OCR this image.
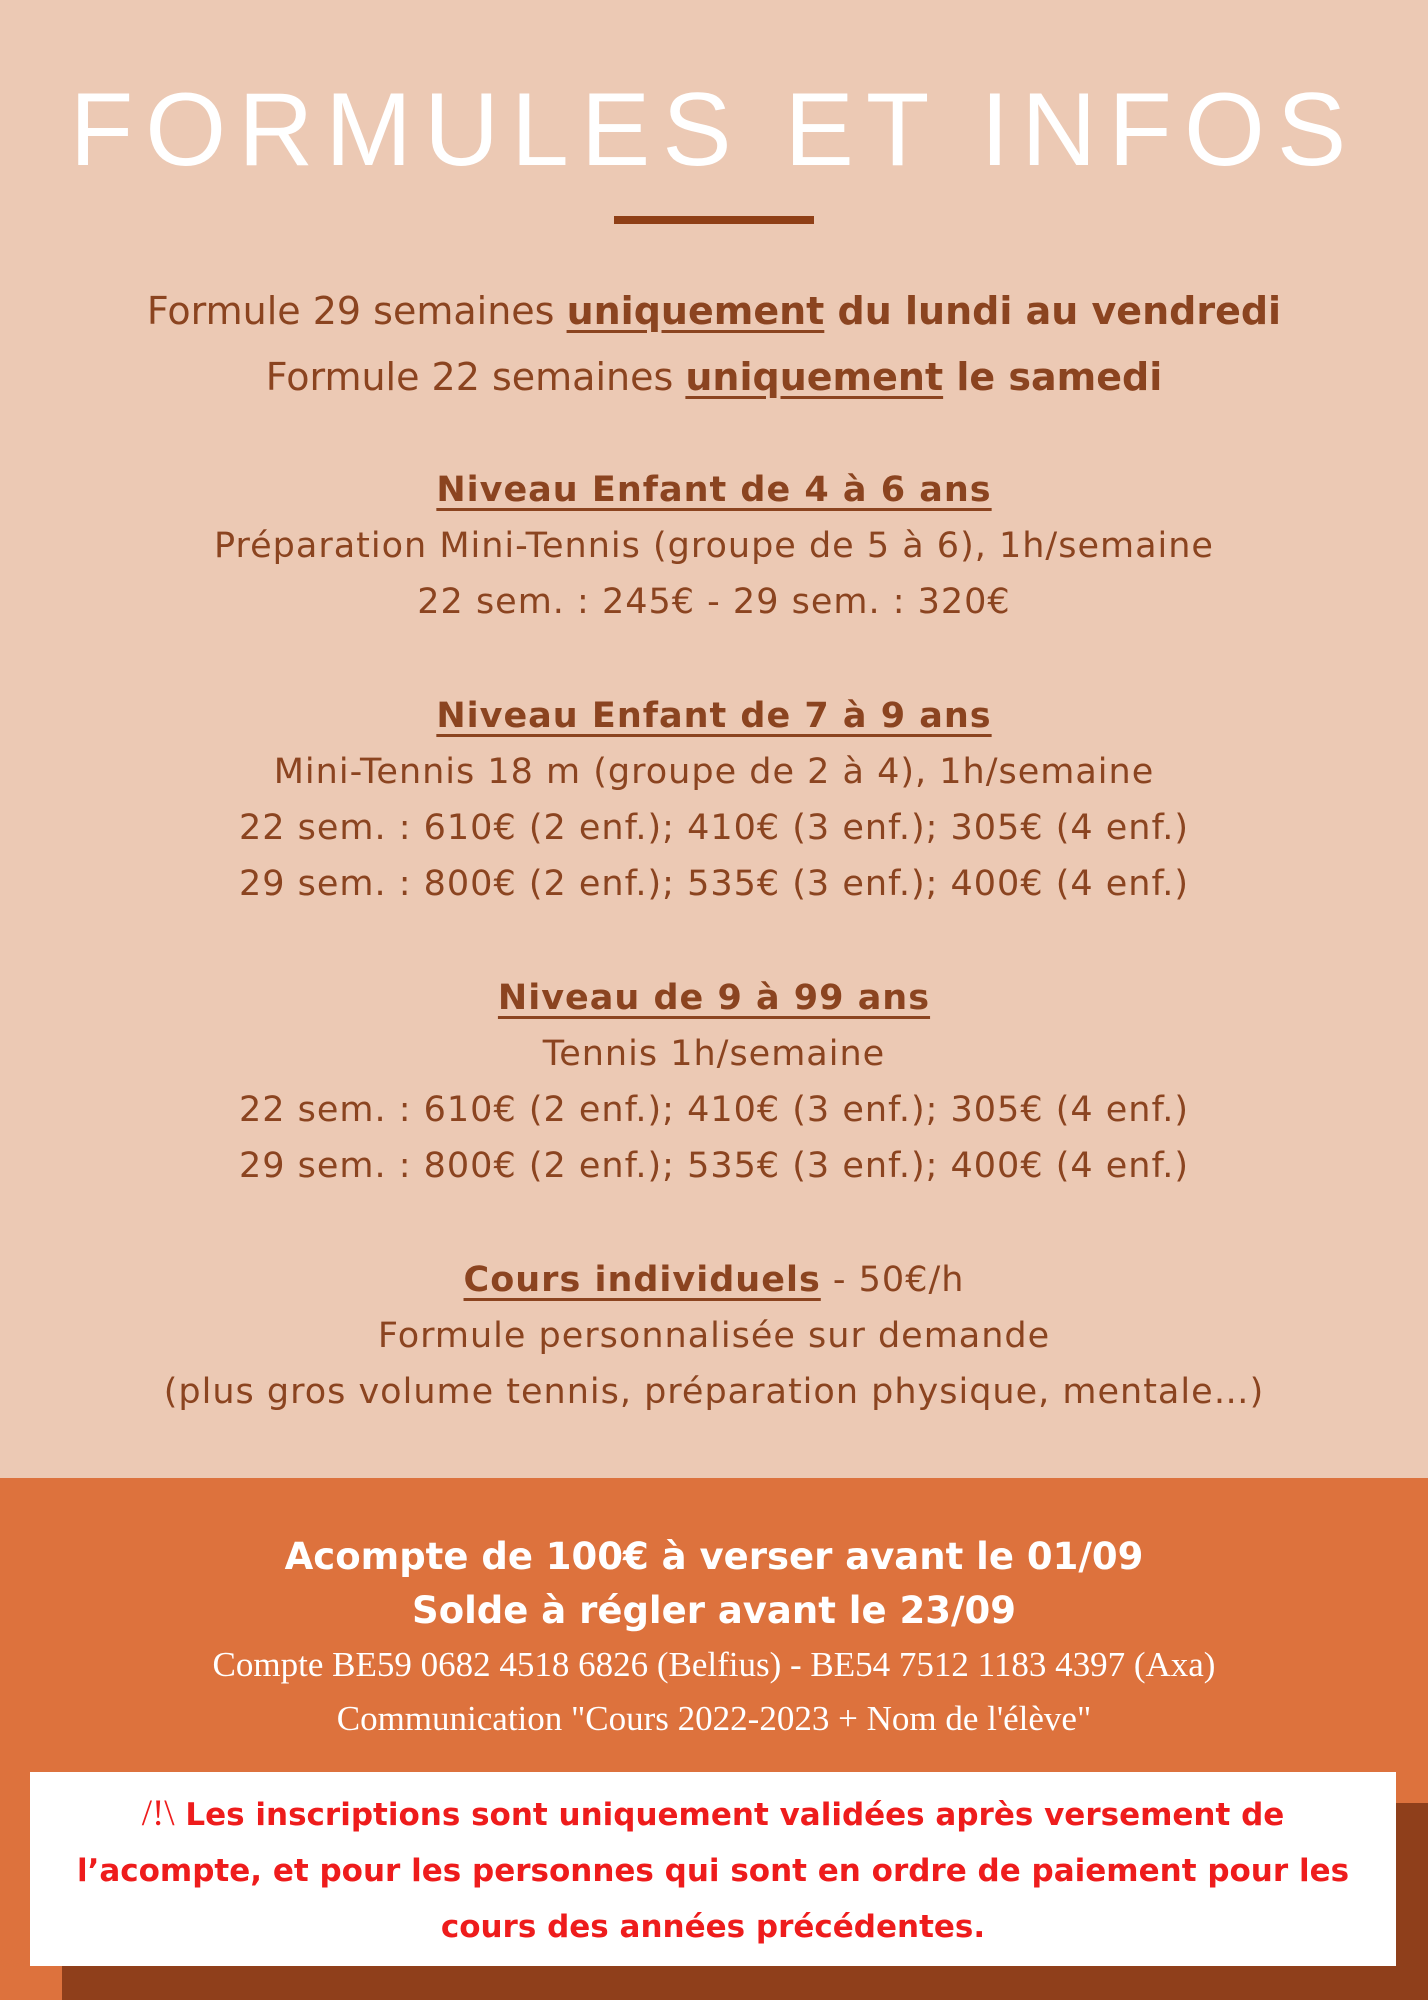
FORMULES ET INFOS
Formule 29 semaines uniquement du lundi au vendredi
Formule 22 semaines uniquement le samedi
Niveau Enfant de 4 à 6 ans
Préparation Mini-Tennis (groupe de 5 à 6), 1h/semaine
22 sem. : 245€ - 29 sem. : 320€
Niveau Enfant de 7 à 9 ans
Mini-Tennis 18 m (groupe de 2 à 4), 1h/semaine
22 sem. : 610€ (2 enf.); 410€ (3 enf.); 305€ (4 enf.)
29 sem. : 800€ (2 enf.); 535€ (3 enf.); 400€ (4 enf.)
Niveau de 9 à 99 ans
Tennis 1h/semaine
22 sem. : 610€ (2 enf.); 410€ (3 enf.); 305€ (4 enf.)
29 sem. : 800€ (2 enf.); 535€ (3 enf.); 400€ (4 enf.)
Cours individuels - 50€/h
Formule personnalisée sur demande
(plus gros volume tennis, préparation physique, mentale…)
Acompte de 100€ à verser avant le 01/09
Solde à régler avant le 23/09
Compte BE59 0682 4518 6826 (Belfius) - BE54 7512 1183 4397 (Axa)
Communication "Cours 2022-2023 + Nom de l'élève"
/!\ Les inscriptions sont uniquement validées après versement de
l’acompte, et pour les personnes qui sont en ordre de paiement pour les
cours des années précédentes.
